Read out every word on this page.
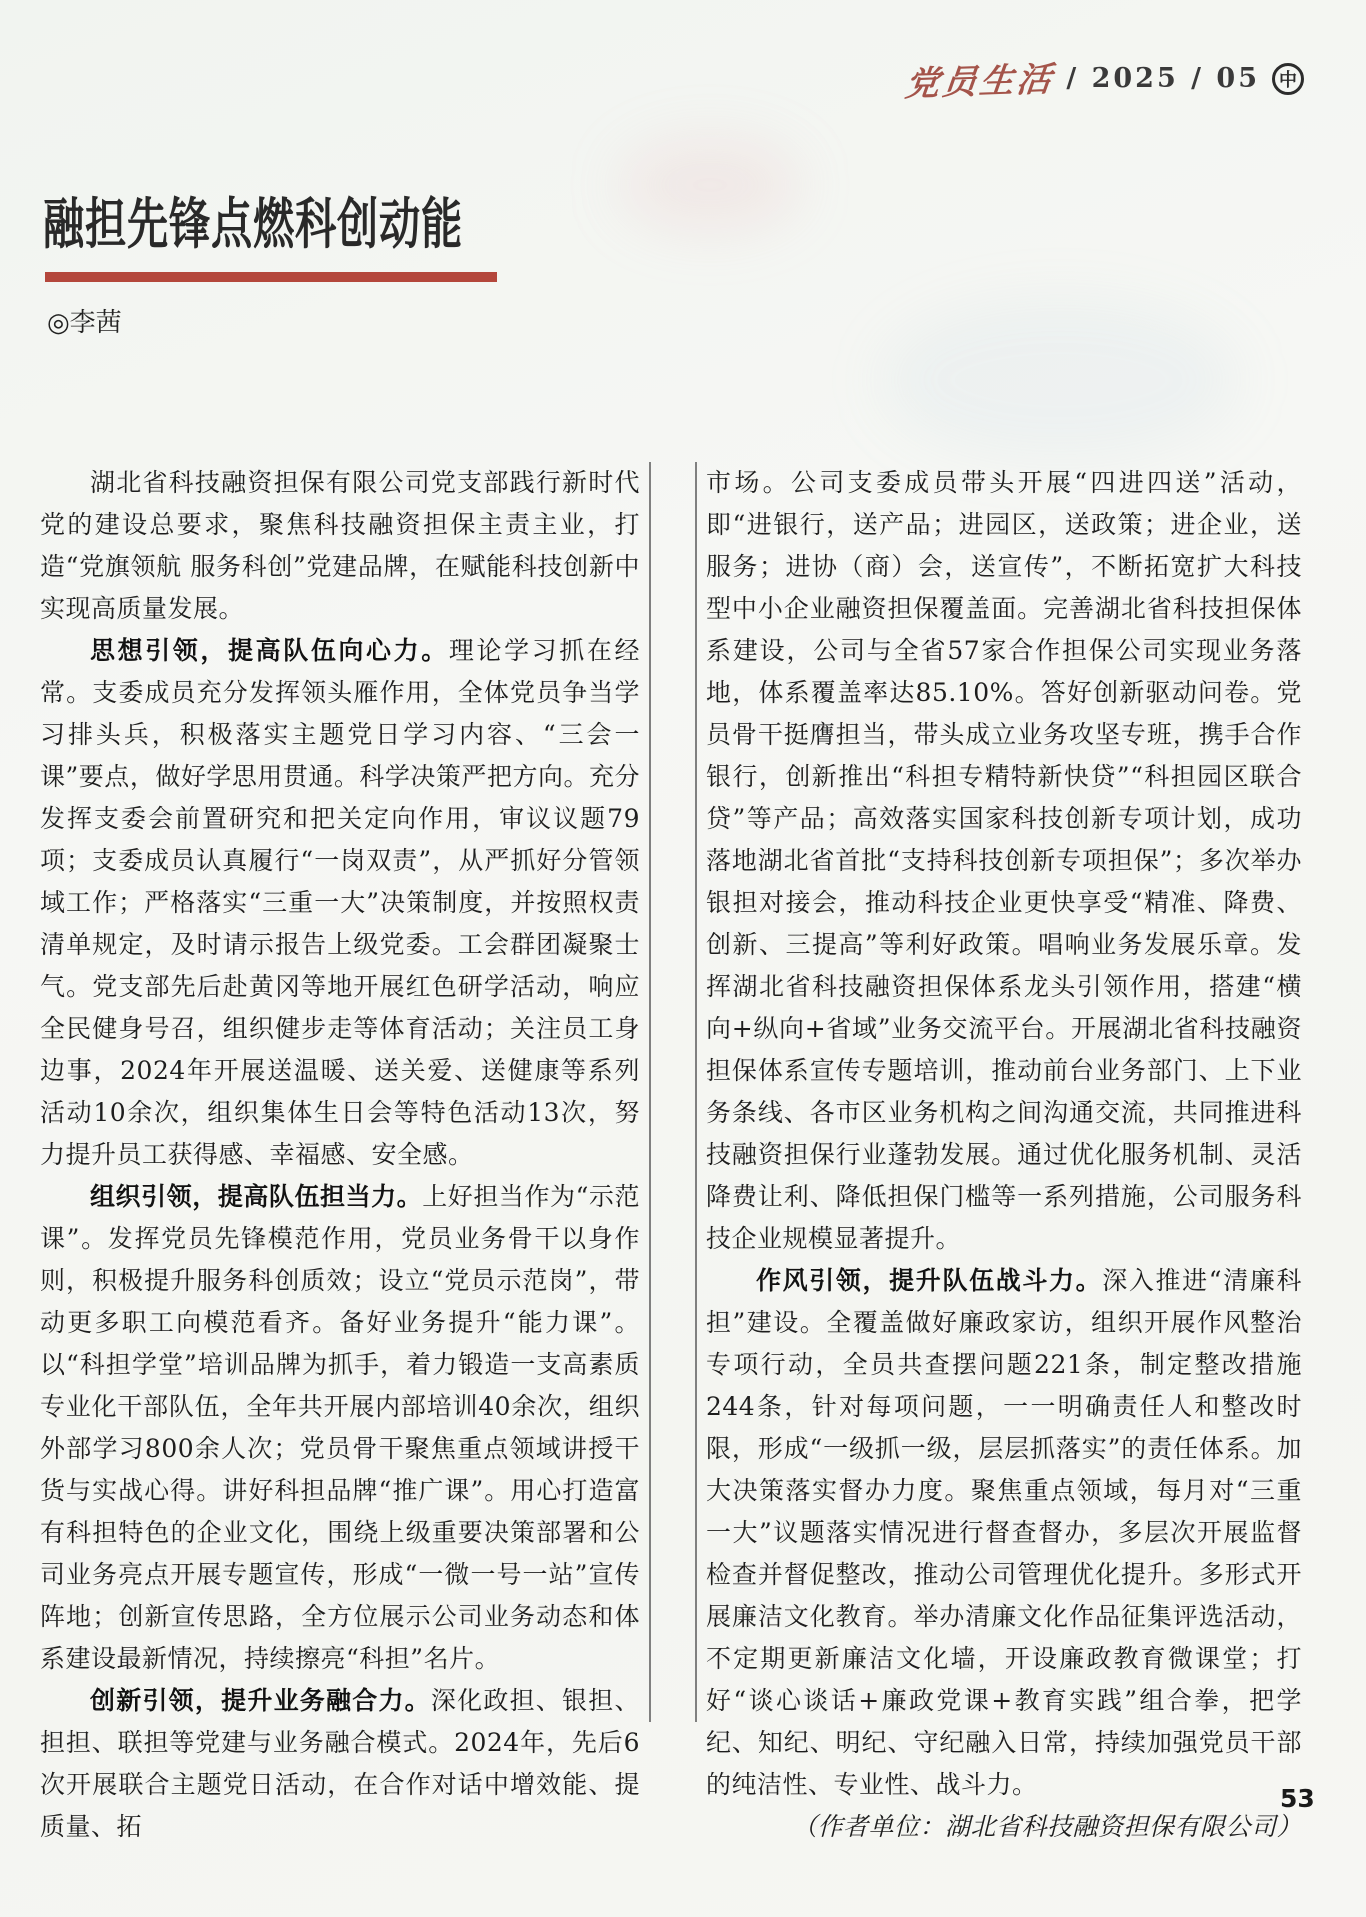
党员生活 / 2025 / 05	中
融担先锋点燃科创动能
◎李茜

湖北省科技融资担保有限公司党支部践行新时代党的建设总要求，聚焦科技融资担保主责主业，打造“党旗领航 服务科创”党建品牌，在赋能科技创新中实现高质量发展。

思想引领，提高队伍向心力。理论学习抓在经常。支委成员充分发挥领头雁作用，全体党员争当学习排头兵，积极落实主题党日学习内容、“三会一课”要点，做好学思用贯通。科学决策严把方向。充分发挥支委会前置研究和把关定向作用，审议议题79项；支委成员认真履行“一岗双责”，从严抓好分管领域工作；严格落实“三重一大”决策制度，并按照权责清单规定，及时请示报告上级党委。工会群团凝聚士气。党支部先后赴黄冈等地开展红色研学活动，响应全民健身号召，组织健步走等体育活动；关注员工身边事，2024年开展送温暖、送关爱、送健康等系列活动10余次，组织集体生日会等特色活动13次，努力提升员工获得感、幸福感、安全感。

组织引领，提高队伍担当力。上好担当作为“示范课”。发挥党员先锋模范作用，党员业务骨干以身作则，积极提升服务科创质效；设立“党员示范岗”，带动更多职工向模范看齐。备好业务提升“能力课”。以“科担学堂”培训品牌为抓手，着力锻造一支高素质专业化干部队伍，全年共开展内部培训40余次，组织外部学习800余人次；党员骨干聚焦重点领域讲授干货与实战心得。讲好科担品牌“推广课”。用心打造富有科担特色的企业文化，围绕上级重要决策部署和公司业务亮点开展专题宣传，形成“一微一号一站”宣传阵地；创新宣传思路，全方位展示公司业务动态和体系建设最新情况，持续擦亮“科担”名片。

创新引领，提升业务融合力。深化政担、银担、担担、联担等党建与业务融合模式。2024年，先后6次开展联合主题党日活动，在合作对话中增效能、提质量、拓

市场。公司支委成员带头开展“四进四送”活动，即“进银行，送产品；进园区，送政策；进企业，送服务；进协（商）会，送宣传”，不断拓宽扩大科技型中小企业融资担保覆盖面。完善湖北省科技担保体系建设，公司与全省57家合作担保公司实现业务落地，体系覆盖率达85.10%。答好创新驱动问卷。党员骨干挺膺担当，带头成立业务攻坚专班，携手合作银行，创新推出“科担专精特新快贷”“科担园区联合贷”等产品；高效落实国家科技创新专项计划，成功落地湖北省首批“支持科技创新专项担保”；多次举办银担对接会，推动科技企业更快享受“精准、降费、创新、三提高”等利好政策。唱响业务发展乐章。发挥湖北省科技融资担保体系龙头引领作用，搭建“横向+纵向+省域”业务交流平台。开展湖北省科技融资担保体系宣传专题培训，推动前台业务部门、上下业务条线、各市区业务机构之间沟通交流，共同推进科技融资担保行业蓬勃发展。通过优化服务机制、灵活降费让利、降低担保门槛等一系列措施，公司服务科技企业规模显著提升。

作风引领，提升队伍战斗力。深入推进“清廉科担”建设。全覆盖做好廉政家访，组织开展作风整治专项行动，全员共查摆问题221条，制定整改措施244条，针对每项问题，一一明确责任人和整改时限，形成“一级抓一级，层层抓落实”的责任体系。加大决策落实督办力度。聚焦重点领域，每月对“三重一大”议题落实情况进行督查督办，多层次开展监督检查并督促整改，推动公司管理优化提升。多形式开展廉洁文化教育。举办清廉文化作品征集评选活动，不定期更新廉洁文化墙，开设廉政教育微课堂；打好“谈心谈话+廉政党课+教育实践”组合拳，把学纪、知纪、明纪、守纪融入日常，持续加强党员干部的纯洁性、专业性、战斗力。

（作者单位：湖北省科技融资担保有限公司）

53
